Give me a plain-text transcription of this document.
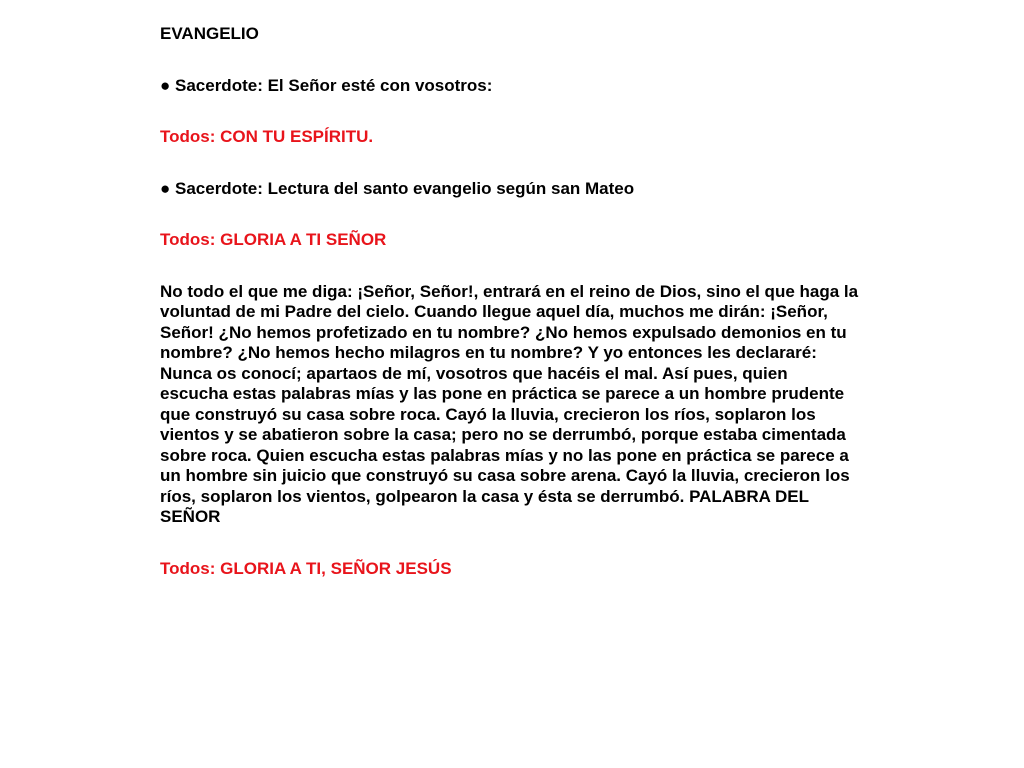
EVANGELIO

● Sacerdote: El Señor esté con vosotros:

Todos: CON TU ESPÍRITU.

● Sacerdote: Lectura del santo evangelio según san Mateo

Todos: GLORIA A TI SEÑOR

No todo el que me diga: ¡Señor, Señor!, entrará en el reino de Dios, sino el que haga la voluntad de mi Padre del cielo. Cuando llegue aquel día, muchos me dirán: ¡Señor, Señor! ¿No hemos profetizado en tu nombre? ¿No hemos expulsado demonios en tu nombre? ¿No hemos hecho milagros en tu nombre? Y yo entonces les declararé: Nunca os conocí; apartaos de mí, vosotros que hacéis el mal. Así pues, quien escucha estas palabras mías y las pone en práctica se parece a un hombre prudente que construyó su casa sobre roca. Cayó la lluvia, crecieron los ríos, soplaron los vientos y se abatieron sobre la casa; pero no se derrumbó, porque estaba cimentada sobre roca. Quien escucha estas palabras mías y no las pone en práctica se parece a un hombre sin juicio que construyó su casa sobre arena. Cayó la lluvia, crecieron los ríos, soplaron los vientos, golpearon la casa y ésta se derrumbó. PALABRA DEL SEÑOR

Todos: GLORIA A TI, SEÑOR JESÚS
